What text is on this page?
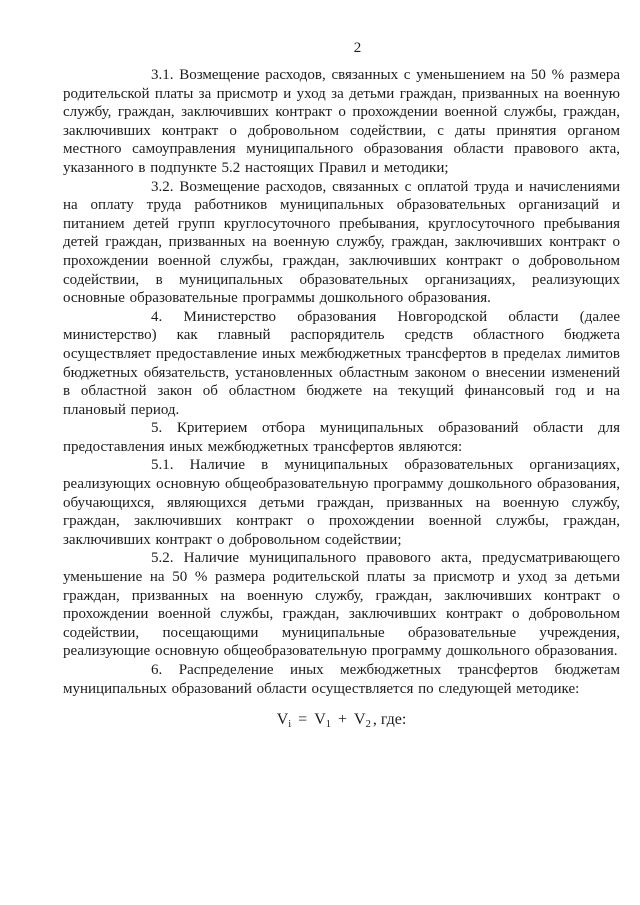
2

3.1. Возмещение расходов, связанных с уменьшением на 50 % размера родительской платы за присмотр и уход за детьми граждан, призванных на военную службу, граждан, заключивших контракт о прохождении военной службы, граждан, заключивших контракт о добровольном содействии, с даты принятия органом местного самоуправления муниципального образования области правового акта, указанного в подпункте 5.2 настоящих Правил и методики;

3.2. Возмещение расходов, связанных с оплатой труда и начислениями на оплату труда работников муниципальных образовательных организаций и питанием детей групп круглосуточного пребывания, круглосуточного пребывания детей граждан, призванных на военную службу, граждан, заключивших контракт о прохождении военной службы, граждан, заключивших контракт о добровольном содействии, в муниципальных образовательных организациях, реализующих основные образовательные программы дошкольного образования.

4. Министерство образования Новгородской области (далее министерство) как главный распорядитель средств областного бюджета осуществляет предоставление иных межбюджетных трансфертов в пределах лимитов бюджетных обязательств, установленных областным законом о внесении изменений в областной закон об областном бюджете на текущий финансовый год и на плановый период.

5. Критерием отбора муниципальных образований области для предоставления иных межбюджетных трансфертов являются:

5.1. Наличие в муниципальных образовательных организациях, реализующих основную общеобразовательную программу дошкольного образования, обучающихся, являющихся детьми граждан, призванных на военную службу, граждан, заключивших контракт о прохождении военной службы, граждан, заключивших контракт о добровольном содействии;

5.2. Наличие муниципального правового акта, предусматривающего уменьшение на 50 % размера родительской платы за присмотр и уход за детьми граждан, призванных на военную службу, граждан, заключивших контракт о прохождении военной службы, граждан, заключивших контракт о добровольном содействии, посещающими муниципальные образовательные учреждения, реализующие основную общеобразовательную программу дошкольного образования.

6. Распределение иных межбюджетных трансфертов бюджетам муниципальных образований области осуществляется по следующей методике:

$V_i = V_1 + V_2$ , где:
